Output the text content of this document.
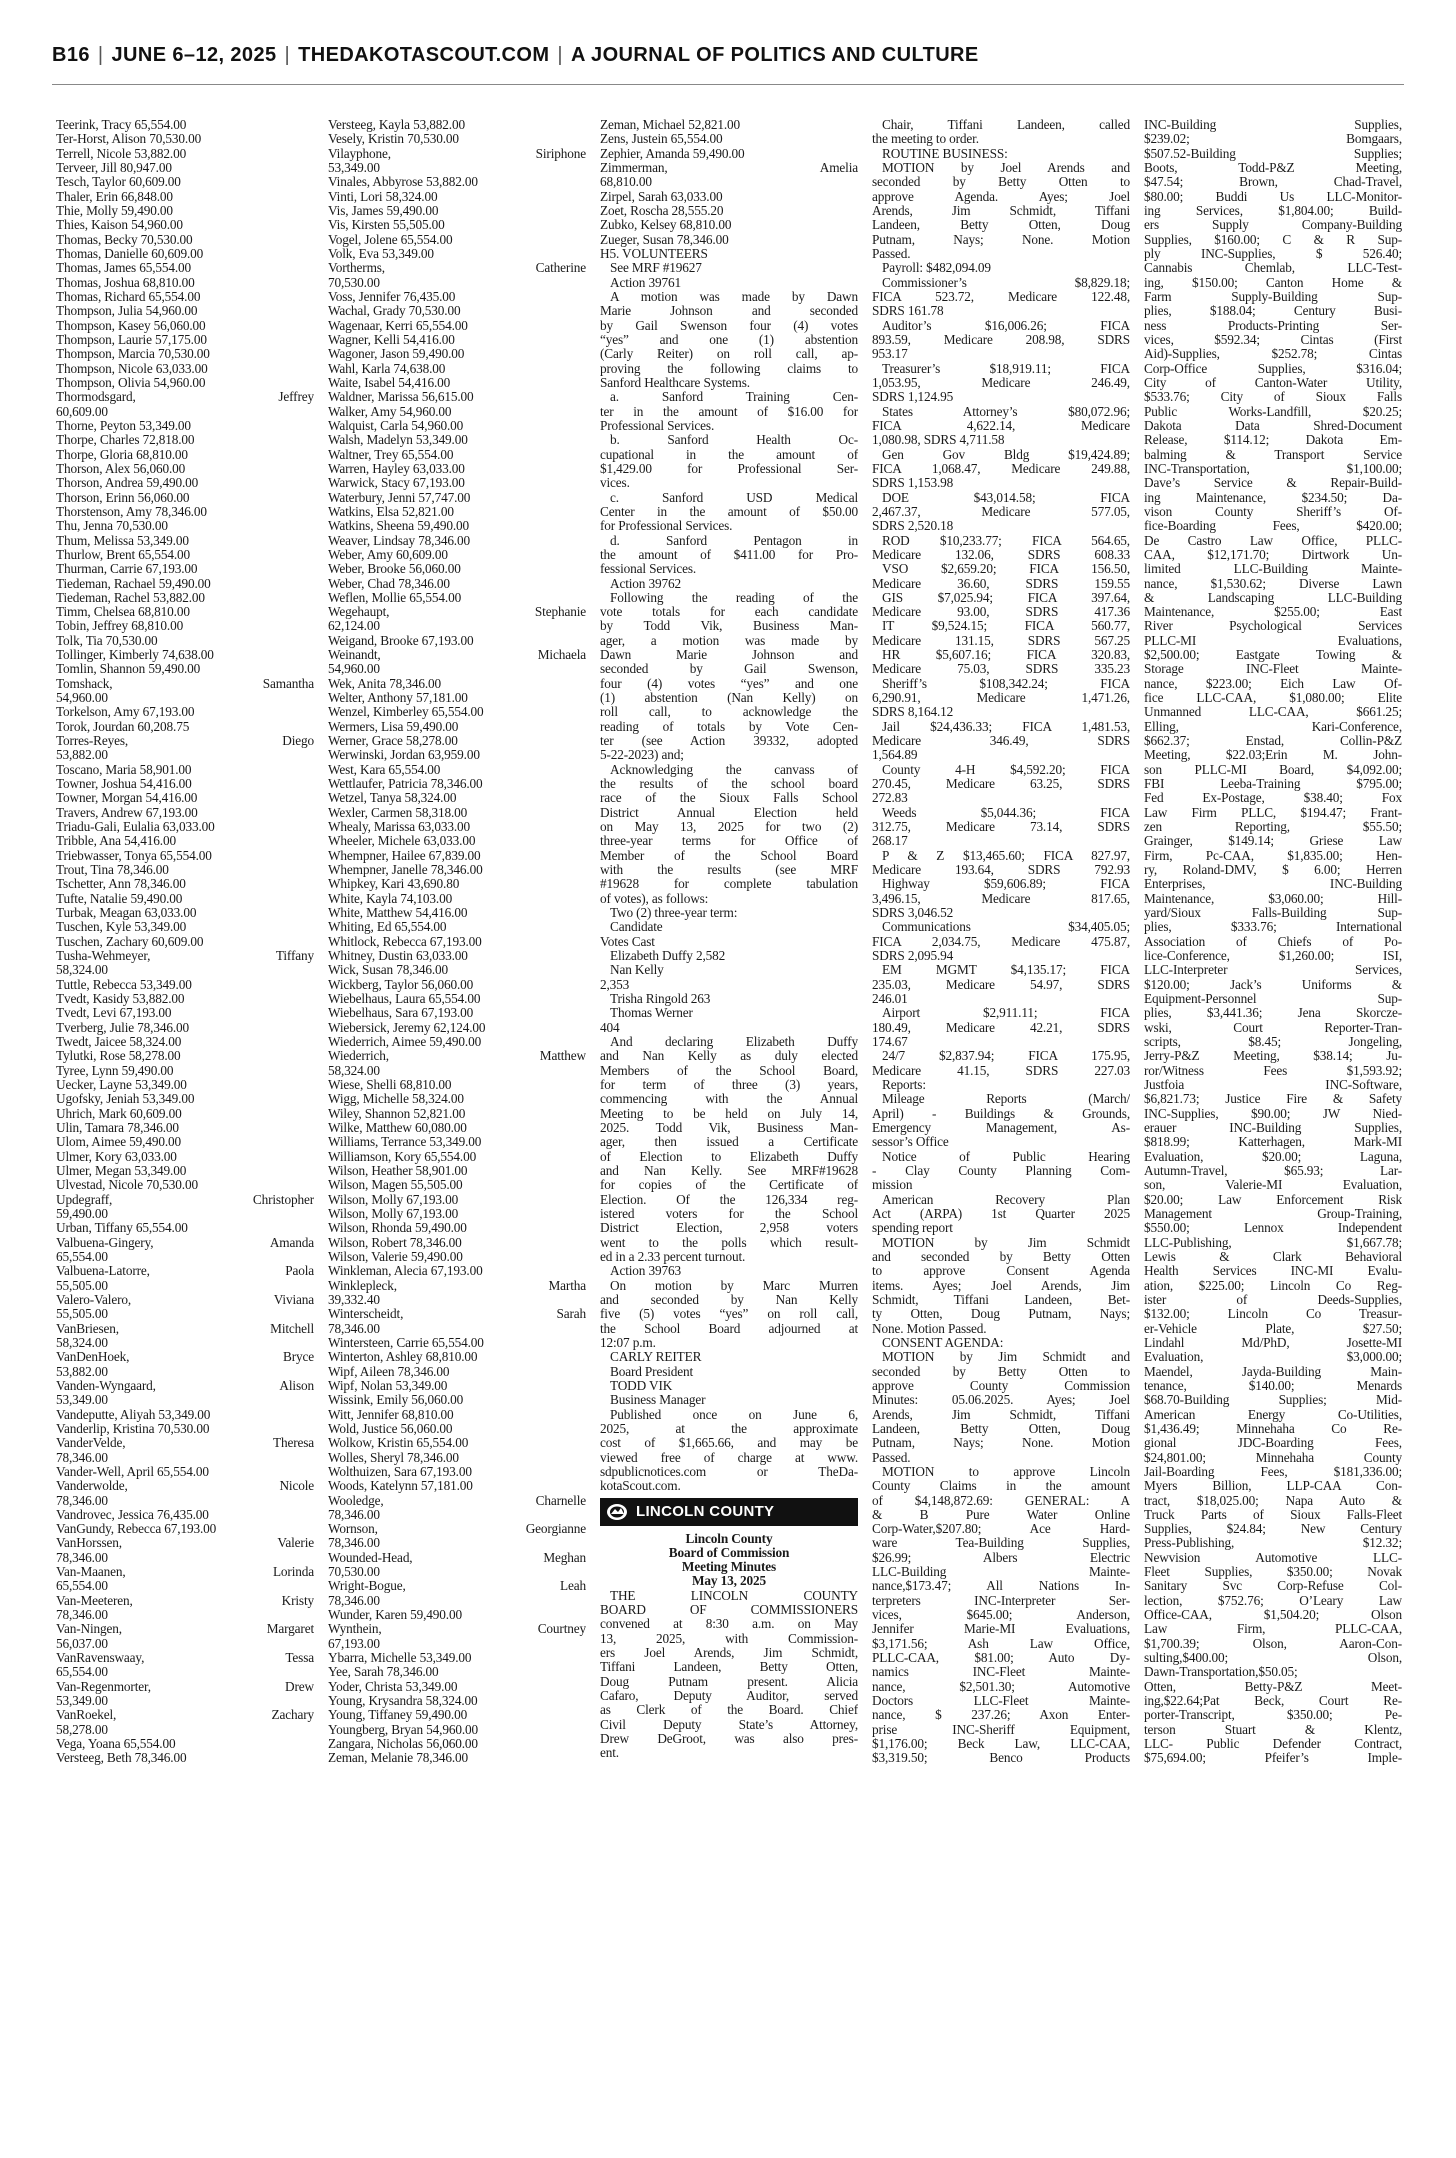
B16 | JUNE 6–12, 2025 | THEDAKOTASCOUT.COM | A JOURNAL OF POLITICS AND CULTURE
Teerink, Tracy 65,554.00
Ter-Horst, Alison 70,530.00
Terrell, Nicole 53,882.00
Terveer, Jill 80,947.00
Tesch, Taylor 60,609.00
Thaler, Erin 66,848.00
Thie, Molly 59,490.00
Thies, Kaison 54,960.00
Thomas, Becky 70,530.00
Thomas, Danielle 60,609.00
Thomas, James 65,554.00
Thomas, Joshua 68,810.00
Thomas, Richard 65,554.00
Thompson, Julia 54,960.00
Thompson, Kasey 56,060.00
Thompson, Laurie 57,175.00
Thompson, Marcia 70,530.00
Thompson, Nicole 63,033.00
Thompson, Olivia 54,960.00
Thormodsgard, Jeffrey
60,609.00
Thorne, Peyton 53,349.00
Thorpe, Charles 72,818.00
Thorpe, Gloria 68,810.00
Thorson, Alex 56,060.00
Thorson, Andrea 59,490.00
Thorson, Erinn 56,060.00
Thorstenson, Amy 78,346.00
Thu, Jenna 70,530.00
Thum, Melissa 53,349.00
Thurlow, Brent 65,554.00
Thurman, Carrie 67,193.00
Tiedeman, Rachael 59,490.00
Tiedeman, Rachel 53,882.00
Timm, Chelsea 68,810.00
Tobin, Jeffrey 68,810.00
Tolk, Tia 70,530.00
Tollinger, Kimberly 74,638.00
Tomlin, Shannon 59,490.00
Tomshack, Samantha
54,960.00
Torkelson, Amy 67,193.00
Torok, Jourdan 60,208.75
Torres-Reyes, Diego
53,882.00
Toscano, Maria 58,901.00
Towner, Joshua 54,416.00
Towner, Morgan 54,416.00
Travers, Andrew 67,193.00
Triadu-Gali, Eulalia 63,033.00
Tribble, Ana 54,416.00
Triebwasser, Tonya 65,554.00
Trout, Tina 78,346.00
Tschetter, Ann 78,346.00
Tufte, Natalie 59,490.00
Turbak, Meagan 63,033.00
Tuschen, Kyle 53,349.00
Tuschen, Zachary 60,609.00
Tusha-Wehmeyer, Tiffany
58,324.00
Tuttle, Rebecca 53,349.00
Tvedt, Kasidy 53,882.00
Tvedt, Levi 67,193.00
Tverberg, Julie 78,346.00
Twedt, Jaicee 58,324.00
Tylutki, Rose 58,278.00
Tyree, Lynn 59,490.00
Uecker, Layne 53,349.00
Ugofsky, Jeniah 53,349.00
Uhrich, Mark 60,609.00
Ulin, Tamara 78,346.00
Ulom, Aimee 59,490.00
Ulmer, Kory 63,033.00
Ulmer, Megan 53,349.00
Ulvestad, Nicole 70,530.00
Updegraff, Christopher
59,490.00
Urban, Tiffany 65,554.00
Valbuena-Gingery, Amanda
65,554.00
Valbuena-Latorre, Paola
55,505.00
Valero-Valero, Viviana
55,505.00
VanBriesen, Mitchell
58,324.00
VanDenHoek, Bryce
53,882.00
Vanden-Wyngaard, Alison
53,349.00
Vandeputte, Aliyah 53,349.00
Vanderlip, Kristina 70,530.00
VanderVelde, Theresa
78,346.00
Vander-Well, April 65,554.00
Vanderwolde, Nicole
78,346.00
Vandrovec, Jessica 76,435.00
VanGundy, Rebecca 67,193.00
VanHorssen, Valerie
78,346.00
Van-Maanen, Lorinda
65,554.00
Van-Meeteren, Kristy
78,346.00
Van-Ningen, Margaret
56,037.00
VanRavenswaay, Tessa
65,554.00
Van-Regenmorter, Drew
53,349.00
VanRoekel, Zachary
58,278.00
Vega, Yoana 65,554.00
Versteeg, Beth 78,346.00
Versteeg, Kayla 53,882.00
Vesely, Kristin 70,530.00
Vilayphone, Siriphone
53,349.00
Vinales, Abbyrose 53,882.00
Vinti, Lori 58,324.00
Vis, James 59,490.00
Vis, Kirsten 55,505.00
Vogel, Jolene 65,554.00
Volk, Eva 53,349.00
Vortherms, Catherine
70,530.00
Voss, Jennifer 76,435.00
Wachal, Grady 70,530.00
Wagenaar, Kerri 65,554.00
Wagner, Kelli 54,416.00
Wagoner, Jason 59,490.00
Wahl, Karla 74,638.00
Waite, Isabel 54,416.00
Waldner, Marissa 56,615.00
Walker, Amy 54,960.00
Walquist, Carla 54,960.00
Walsh, Madelyn 53,349.00
Waltner, Trey 65,554.00
Warren, Hayley 63,033.00
Warwick, Stacy 67,193.00
Waterbury, Jenni 57,747.00
Watkins, Elsa 52,821.00
Watkins, Sheena 59,490.00
Weaver, Lindsay 78,346.00
Weber, Amy 60,609.00
Weber, Brooke 56,060.00
Weber, Chad 78,346.00
Weflen, Mollie 65,554.00
Wegehaupt, Stephanie
62,124.00
Weigand, Brooke 67,193.00
Weinandt, Michaela
54,960.00
Wek, Anita 78,346.00
Welter, Anthony 57,181.00
Wenzel, Kimberley 65,554.00
Wermers, Lisa 59,490.00
Werner, Grace 58,278.00
Werwinski, Jordan 63,959.00
West, Kara 65,554.00
Wettlaufer, Patricia 78,346.00
Wetzel, Tanya 58,324.00
Wexler, Carmen 58,318.00
Whealy, Marissa 63,033.00
Wheeler, Michele 63,033.00
Whempner, Hailee 67,839.00
Whempner, Janelle 78,346.00
Whipkey, Kari 43,690.80
White, Kayla 74,103.00
White, Matthew 54,416.00
Whiting, Ed 65,554.00
Whitlock, Rebecca 67,193.00
Whitney, Dustin 63,033.00
Wick, Susan 78,346.00
Wickberg, Taylor 56,060.00
Wiebelhaus, Laura 65,554.00
Wiebelhaus, Sara 67,193.00
Wiebersick, Jeremy 62,124.00
Wiederrich, Aimee 59,490.00
Wiederrich, Matthew
58,324.00
Wiese, Shelli 68,810.00
Wigg, Michelle 58,324.00
Wiley, Shannon 52,821.00
Wilke, Matthew 60,080.00
Williams, Terrance 53,349.00
Williamson, Kory 65,554.00
Wilson, Heather 58,901.00
Wilson, Magen 55,505.00
Wilson, Molly 67,193.00
Wilson, Molly 67,193.00
Wilson, Rhonda 59,490.00
Wilson, Robert 78,346.00
Wilson, Valerie 59,490.00
Winkleman, Alecia 67,193.00
Winklepleck, Martha
39,332.40
Winterscheidt, Sarah
78,346.00
Wintersteen, Carrie 65,554.00
Winterton, Ashley 68,810.00
Wipf, Aileen 78,346.00
Wipf, Nolan 53,349.00
Wissink, Emily 56,060.00
Witt, Jennifer 68,810.00
Wold, Justice 56,060.00
Wolkow, Kristin 65,554.00
Wolles, Sheryl 78,346.00
Wolthuizen, Sara 67,193.00
Woods, Katelynn 57,181.00
Wooledge, Charnelle
78,346.00
Wornson, Georgianne
78,346.00
Wounded-Head, Meghan
70,530.00
Wright-Bogue, Leah
78,346.00
Wunder, Karen 59,490.00
Wynthein, Courtney
67,193.00
Ybarra, Michelle 53,349.00
Yee, Sarah 78,346.00
Yoder, Christa 53,349.00
Young, Krysandra 58,324.00
Young, Tiffaney 59,490.00
Youngberg, Bryan 54,960.00
Zangara, Nicholas 56,060.00
Zeman, Melanie 78,346.00
Zeman, Michael 52,821.00
Zens, Justein 65,554.00
Zephier, Amanda 59,490.00
Zimmerman, Amelia
68,810.00
Zirpel, Sarah 63,033.00
Zoet, Roscha 28,555.20
Zubko, Kelsey 68,810.00
Zueger, Susan 78,346.00
H5. VOLUNTEERS
See MRF #19627
Action 39761
A motion was made by Dawn
Marie Johnson and seconded
by Gail Swenson four (4) votes
“yes” and one (1) abstention
(Carly Reiter) on roll call, ap-
proving the following claims to
Sanford Healthcare Systems.
a. Sanford Training Cen-
ter in the amount of $16.00 for
Professional Services.
b. Sanford Health Oc-
cupational in the amount of
$1,429.00 for Professional Ser-
vices.
c. Sanford USD Medical
Center in the amount of $50.00
for Professional Services.
d. Sanford Pentagon in
the amount of $411.00 for Pro-
fessional Services.
Action 39762
Following the reading of the
vote totals for each candidate
by Todd Vik, Business Man-
ager, a motion was made by
Dawn Marie Johnson and
seconded by Gail Swenson,
four (4) votes “yes” and one
(1) abstention (Nan Kelly) on
roll call, to acknowledge the
reading of totals by Vote Cen-
ter (see Action 39332, adopted
5-22-2023) and;
Acknowledging the canvass of
the results of the school board
race of the Sioux Falls School
District Annual Election held
on May 13, 2025 for two (2)
three-year terms for Office of
Member of the School Board
with the results (see MRF
#19628 for complete tabulation
of votes), as follows:
Two (2) three-year term:
Candidate
Votes Cast
Elizabeth Duffy 2,582
Nan Kelly
2,353
Trisha Ringold 263
Thomas Werner
404
And declaring Elizabeth Duffy
and Nan Kelly as duly elected
Members of the School Board,
for term of three (3) years,
commencing with the Annual
Meeting to be held on July 14,
2025. Todd Vik, Business Man-
ager, then issued a Certificate
of Election to Elizabeth Duffy
and Nan Kelly. See MRF#19628
for copies of the Certificate of
Election. Of the 126,334 reg-
istered voters for the School
District Election, 2,958 voters
went to the polls which result-
ed in a 2.33 percent turnout.
Action 39763
On motion by Marc Murren
and seconded by Nan Kelly
five (5) votes “yes” on roll call,
the School Board adjourned at
12:07 p.m.
CARLY REITER
Board President
TODD VIK
Business Manager
Published once on June 6,
2025, at the approximate
cost of $1,665.66, and may be
viewed free of charge at www.
sdpublicnotices.com or TheDa-
kotaScout.com.
LINCOLN COUNTY
Lincoln County
Board of Commission
Meeting Minutes
May 13, 2025
THE LINCOLN COUNTY
BOARD OF COMMISSIONERS
convened at 8:30 a.m. on May
13, 2025, with Commission-
ers Joel Arends, Jim Schmidt,
Tiffani Landeen, Betty Otten,
Doug Putnam present. Alicia
Cafaro, Deputy Auditor, served
as Clerk of the Board. Chief
Civil Deputy State’s Attorney,
Drew DeGroot, was also pres-
ent.
Chair, Tiffani Landeen, called
the meeting to order.
ROUTINE BUSINESS:
MOTION by Joel Arends and
seconded by Betty Otten to
approve Agenda. Ayes; Joel
Arends, Jim Schmidt, Tiffani
Landeen, Betty Otten, Doug
Putnam, Nays; None. Motion
Passed.
Payroll: $482,094.09
Commissioner’s $8,829.18;
FICA 523.72, Medicare 122.48,
SDRS 161.78
Auditor’s $16,006.26; FICA
893.59, Medicare 208.98, SDRS
953.17
Treasurer’s $18,919.11; FICA
1,053.95, Medicare 246.49,
SDRS 1,124.95
States Attorney’s $80,072.96;
FICA 4,622.14, Medicare
1,080.98, SDRS 4,711.58
Gen Gov Bldg $19,424.89;
FICA 1,068.47, Medicare 249.88,
SDRS 1,153.98
DOE $43,014.58; FICA
2,467.37, Medicare 577.05,
SDRS 2,520.18
ROD $10,233.77; FICA 564.65,
Medicare 132.06, SDRS 608.33
VSO $2,659.20; FICA 156.50,
Medicare 36.60, SDRS 159.55
GIS $7,025.94; FICA 397.64,
Medicare 93.00, SDRS 417.36
IT $9,524.15; FICA 560.77,
Medicare 131.15, SDRS 567.25
HR $5,607.16; FICA 320.83,
Medicare 75.03, SDRS 335.23
Sheriff’s $108,342.24; FICA
6,290.91, Medicare 1,471.26,
SDRS 8,164.12
Jail $24,436.33; FICA 1,481.53,
Medicare 346.49, SDRS
1,564.89
County 4-H $4,592.20; FICA
270.45, Medicare 63.25, SDRS
272.83
Weeds $5,044.36; FICA
312.75, Medicare 73.14, SDRS
268.17
P & Z $13,465.60; FICA 827.97,
Medicare 193.64, SDRS 792.93
Highway $59,606.89; FICA
3,496.15, Medicare 817.65,
SDRS 3,046.52
Communications $34,405.05;
FICA 2,034.75, Medicare 475.87,
SDRS 2,095.94
EM MGMT $4,135.17; FICA
235.03, Medicare 54.97, SDRS
246.01
Airport $2,911.11; FICA
180.49, Medicare 42.21, SDRS
174.67
24/7 $2,837.94; FICA 175.95,
Medicare 41.15, SDRS 227.03
Reports:
Mileage Reports (March/
April) - Buildings & Grounds,
Emergency Management, As-
sessor’s Office
Notice of Public Hearing
- Clay County Planning Com-
mission
American Recovery Plan
Act (ARPA) 1st Quarter 2025
spending report
MOTION by Jim Schmidt
and seconded by Betty Otten
to approve Consent Agenda
items. Ayes; Joel Arends, Jim
Schmidt, Tiffani Landeen, Bet-
ty Otten, Doug Putnam, Nays;
None. Motion Passed.
CONSENT AGENDA:
MOTION by Jim Schmidt and
seconded by Betty Otten to
approve County Commission
Minutes: 05.06.2025. Ayes; Joel
Arends, Jim Schmidt, Tiffani
Landeen, Betty Otten, Doug
Putnam, Nays; None. Motion
Passed.
MOTION to approve Lincoln
County Claims in the amount
of $4,148,872.69: GENERAL: A
& B Pure Water Online
Corp-Water,$207.80; Ace Hard-
ware Tea-Building Supplies,
$26.99; Albers Electric
LLC-Building Mainte-
nance,$173.47; All Nations In-
terpreters INC-Interpreter Ser-
vices, $645.00; Anderson,
Jennifer Marie-MI Evaluations,
$3,171.56; Ash Law Office,
PLLC-CAA, $81.00; Auto Dy-
namics INC-Fleet Mainte-
nance, $2,501.30; Automotive
Doctors LLC-Fleet Mainte-
nance, $ 237.26; Axon Enter-
prise INC-Sheriff Equipment,
$1,176.00; Beck Law, LLC-CAA,
$3,319.50; Benco Products
INC-Building Supplies,
$239.02; Bomgaars,
$507.52-Building Supplies;
Boots, Todd-P&Z Meeting,
$47.54; Brown, Chad-Travel,
$80.00; Buddi Us LLC-Monitor-
ing Services, $1,804.00; Build-
ers Supply Company-Building
Supplies, $160.00; C & R Sup-
ply INC-Supplies, $ 526.40;
Cannabis Chemlab, LLC-Test-
ing, $150.00; Canton Home &
Farm Supply-Building Sup-
plies, $188.04; Century Busi-
ness Products-Printing Ser-
vices, $592.34; Cintas (First
Aid)-Supplies, $252.78; Cintas
Corp-Office Supplies, $316.04;
City of Canton-Water Utility,
$533.76; City of Sioux Falls
Public Works-Landfill, $20.25;
Dakota Data Shred-Document
Release, $114.12; Dakota Em-
balming & Transport Service
INC-Transportation, $1,100.00;
Dave’s Service & Repair-Build-
ing Maintenance, $234.50; Da-
vison County Sheriff’s Of-
fice-Boarding Fees, $420.00;
De Castro Law Office, PLLC-
CAA, $12,171.70; Dirtwork Un-
limited LLC-Building Mainte-
nance, $1,530.62; Diverse Lawn
& Landscaping LLC-Building
Maintenance, $255.00; East
River Psychological Services
PLLC-MI Evaluations,
$2,500.00; Eastgate Towing &
Storage INC-Fleet Mainte-
nance, $223.00; Eich Law Of-
fice LLC-CAA, $1,080.00; Elite
Unmanned LLC-CAA, $661.25;
Elling, Kari-Conference,
$662.37; Enstad, Collin-P&Z
Meeting, $22.03;Erin M. John-
son PLLC-MI Board, $4,092.00;
FBI Leeba-Training $795.00;
Fed Ex-Postage, $38.40; Fox
Law Firm PLLC, $194.47; Frant-
zen Reporting, $55.50;
Grainger, $149.14; Griese Law
Firm, Pc-CAA, $1,835.00; Hen-
ry, Roland-DMV, $ 6.00; Herren
Enterprises, INC-Building
Maintenance, $3,060.00; Hill-
yard/Sioux Falls-Building Sup-
plies, $333.76; International
Association of Chiefs of Po-
lice-Conference, $1,260.00; ISI,
LLC-Interpreter Services,
$120.00; Jack’s Uniforms &
Equipment-Personnel Sup-
plies, $3,441.36; Jena Skorcze-
wski, Court Reporter-Tran-
scripts, $8.45; Jongeling,
Jerry-P&Z Meeting, $38.14; Ju-
ror/Witness Fees $1,593.92;
Justfoia INC-Software,
$6,821.73; Justice Fire & Safety
INC-Supplies, $90.00; JW Nied-
erauer INC-Building Supplies,
$818.99; Katterhagen, Mark-MI
Evaluation, $20.00; Laguna,
Autumn-Travel, $65.93; Lar-
son, Valerie-MI Evaluation,
$20.00; Law Enforcement Risk
Management Group-Training,
$550.00; Lennox Independent
LLC-Publishing, $1,667.78;
Lewis & Clark Behavioral
Health Services INC-MI Evalu-
ation, $225.00; Lincoln Co Reg-
ister of Deeds-Supplies,
$132.00; Lincoln Co Treasur-
er-Vehicle Plate, $27.50;
Lindahl Md/PhD, Josette-MI
Evaluation, $3,000.00;
Maendel, Jayda-Building Main-
tenance, $140.00; Menards
$68.70-Building Supplies; Mid-
American Energy Co-Utilities,
$1,436.49; Minnehaha Co Re-
gional JDC-Boarding Fees,
$24,801.00; Minnehaha County
Jail-Boarding Fees, $181,336.00;
Myers Billion, LLP-CAA Con-
tract, $18,025.00; Napa Auto &
Truck Parts of Sioux Falls-Fleet
Supplies, $24.84; New Century
Press-Publishing, $12.32;
Newvision Automotive LLC-
Fleet Supplies, $350.00; Novak
Sanitary Svc Corp-Refuse Col-
lection, $752.76; O’Leary Law
Office-CAA, $1,504.20; Olson
Law Firm, PLLC-CAA,
$1,700.39; Olson, Aaron-Con-
sulting,$400.00; Olson,
Dawn-Transportation,$50.05;
Otten, Betty-P&Z Meet-
ing,$22.64;Pat Beck, Court Re-
porter-Transcript, $350.00; Pe-
terson Stuart & Klentz,
LLC- Public Defender Contract,
$75,694.00; Pfeifer’s Imple-
